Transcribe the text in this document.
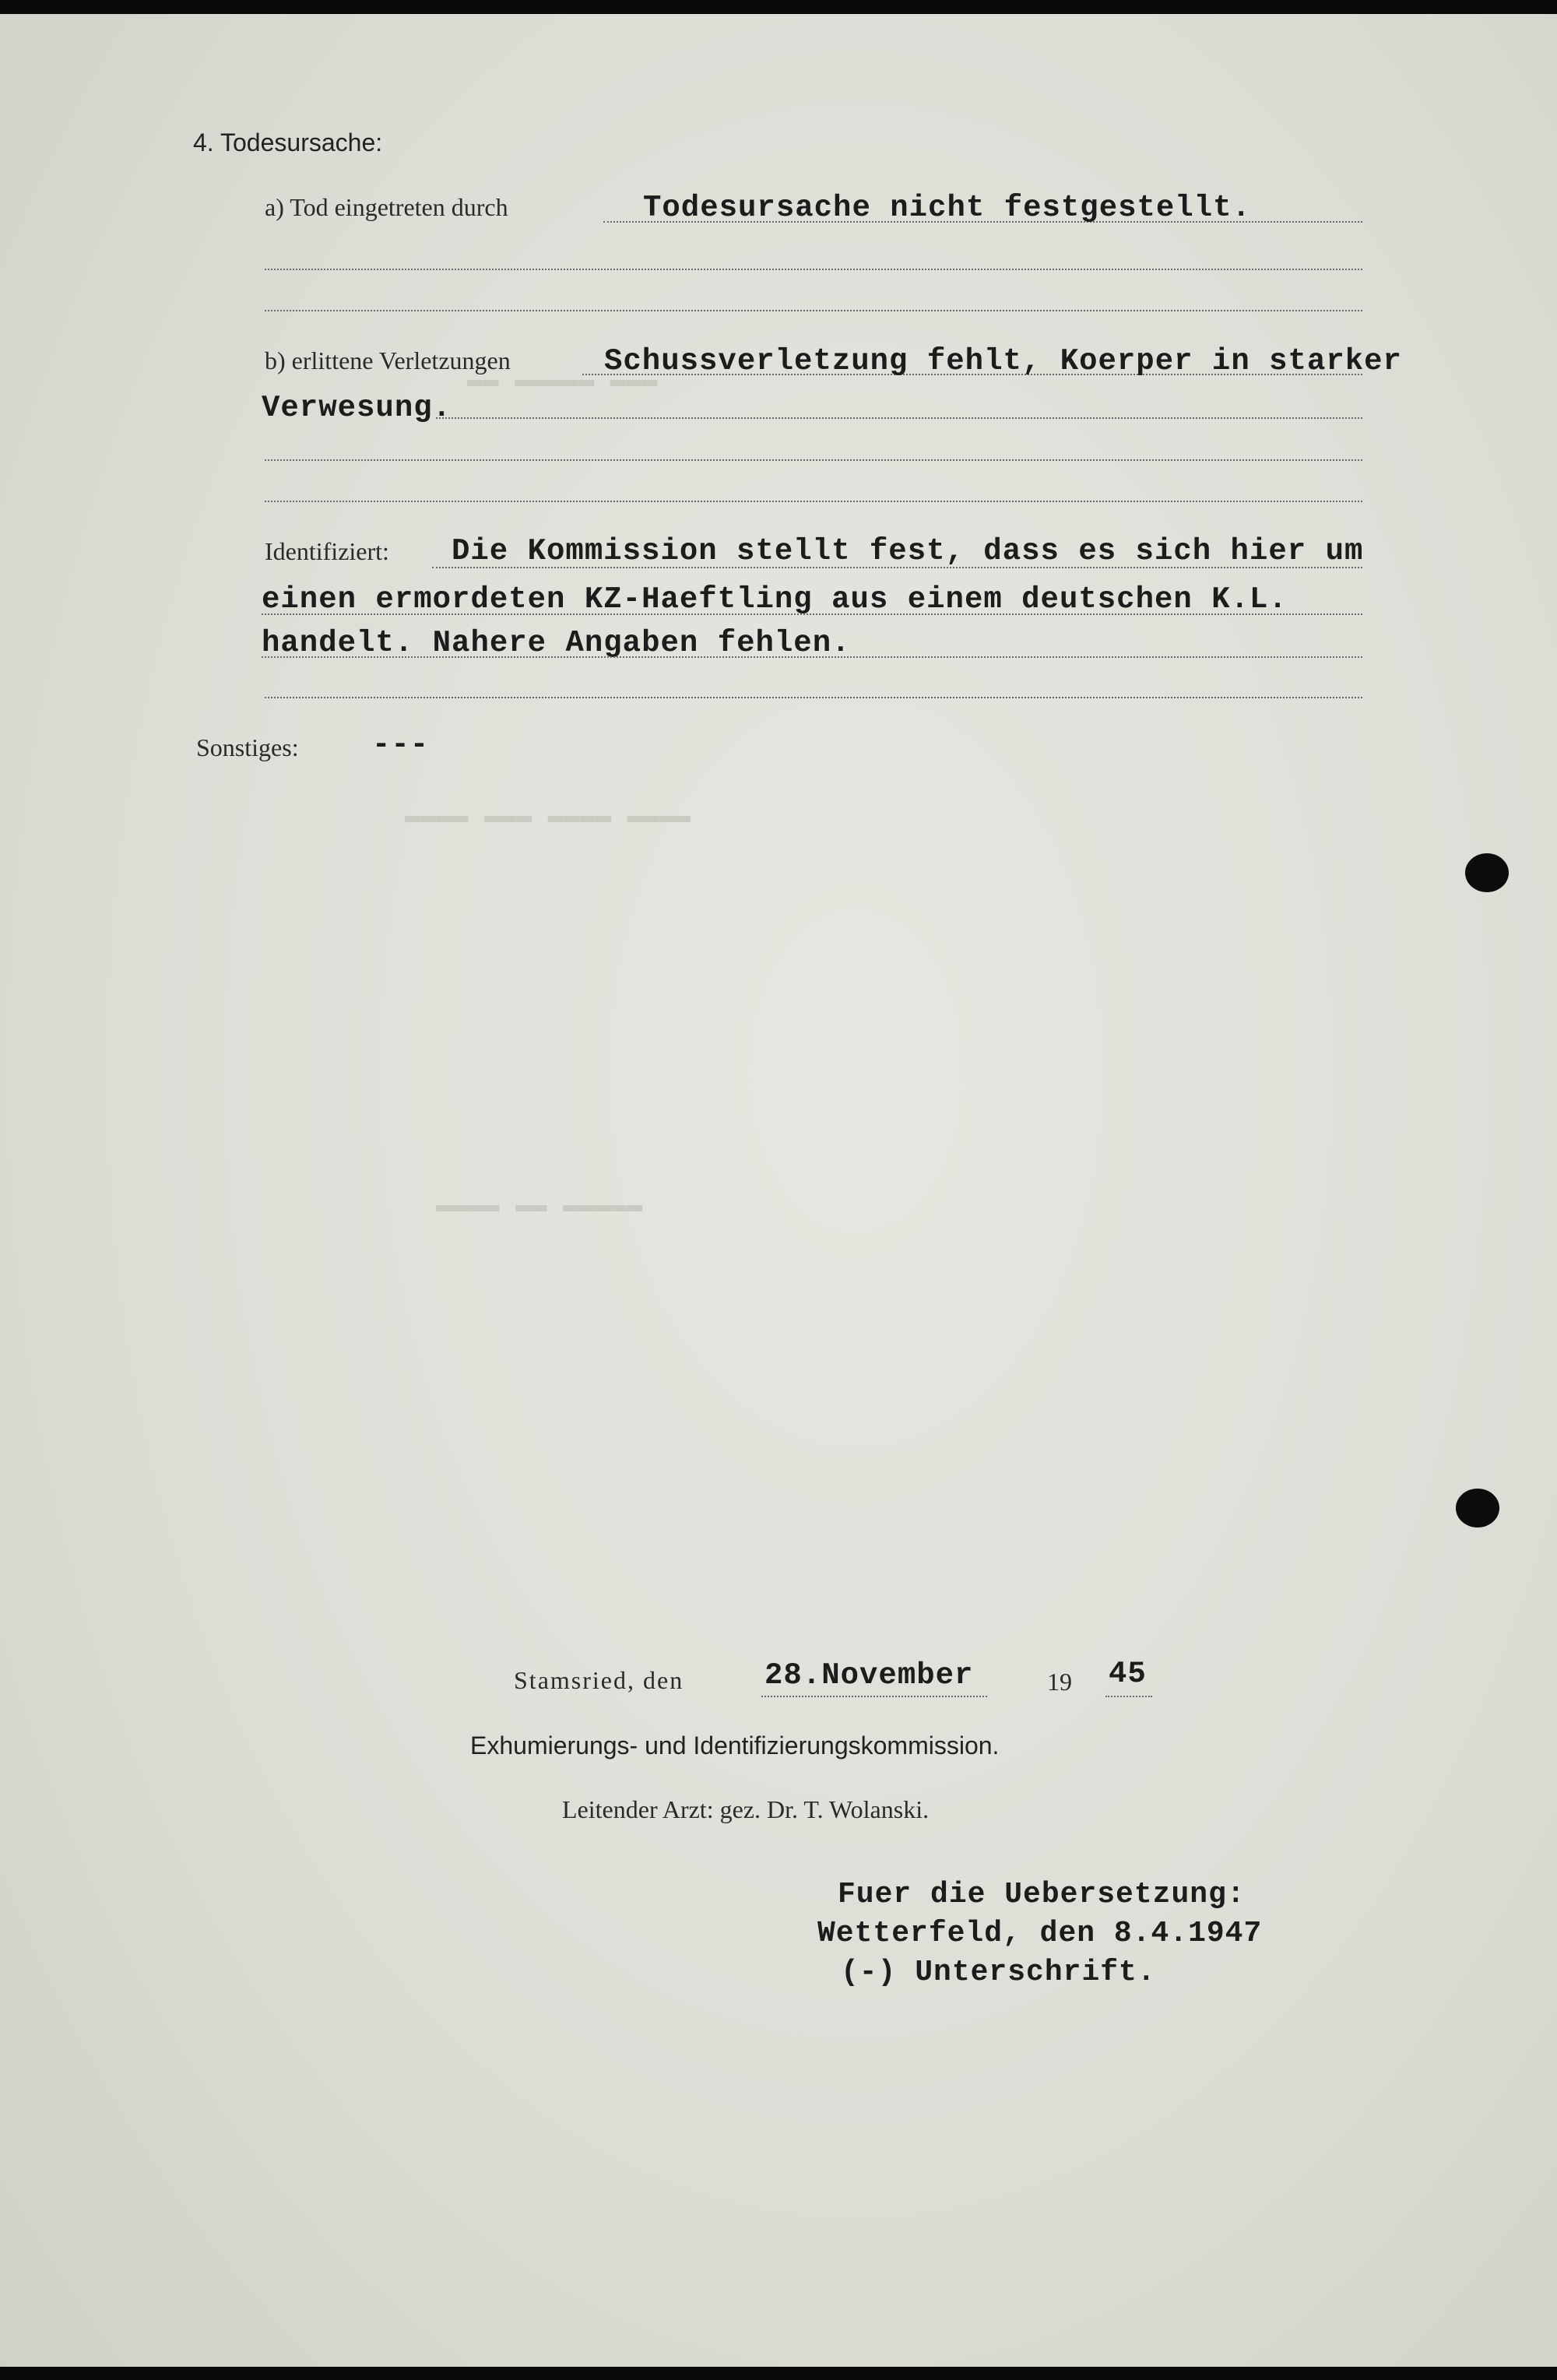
▬▬ ▬▬▬▬▬ ▬▬▬
▬▬▬▬ ▬▬▬ ▬▬▬▬ ▬▬▬▬
▬▬▬▬ ▬▬ ▬▬▬▬▬
4. Todesursache:
a) Tod eingetreten durch	Todesursache nicht festgestellt.
b) erlittene Verletzungen	Schussverletzung fehlt, Koerper in starker
Verwesung.
Identifiziert: Die Kommission stellt fest, dass es sich hier um
einen ermordeten KZ-Haeftling aus einem deutschen K.L.
handelt. Nahere Angaben fehlen.
Sonstiges: ---
Stamsried, den	28.November	19 45
Exhumierungs- und Identifizierungskommission.
Leitender Arzt: gez. Dr. T. Wolanski.
Fuer die Uebersetzung:
Wetterfeld, den 8.4.1947
(-) Unterschrift.
